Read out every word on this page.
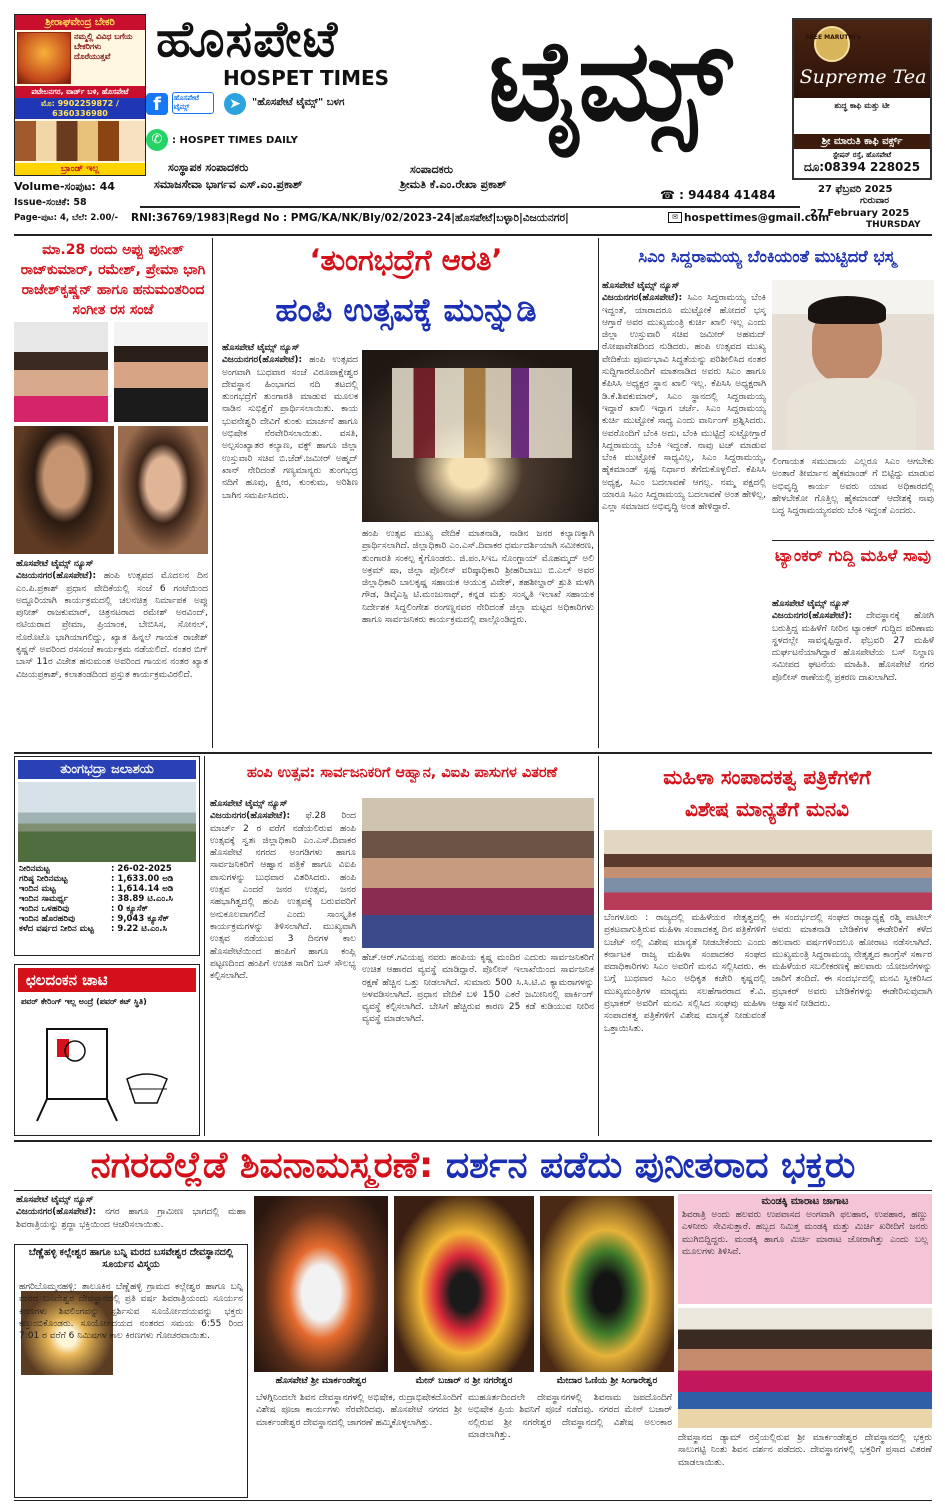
ಶ್ರೀರಾಘವೇಂದ್ರ ಬೇಕರಿ
ನಮ್ಮಲ್ಲಿ ವಿವಿಧ ಬಗೆಯ ಬೇಕರಿಗಳು
ದೊರೆಯುತ್ತವೆ
ಪಟೇಲನಗರ, ವಾರ್ಡ್ ಬಳಿ, ಹೊಸಪೇಟೆ
ಮೊ: 9902259872 / 6360336980
ಬ್ರಾಂಡ್ ಇಲ್ಲ
ಹೊಸಪೇಟೆ
HOSPET TIMES ಟೈಮ್ಸ್
f	ಹೊಸಪೇಟೆ ಟೈಮ್ಸ್	➤	"ಹೊಸಪೇಟೆ ಟೈಮ್ಸ್" ಬಳಗ
✆ : HOSPET TIMES DAILY
ಸಂಸ್ಥಾಪಕ ಸಂಪಾದಕರು
ಸಮಾಜಸೇವಾ ಭಾರ್ಗವ ಎಸ್.ಎಂ.ಪ್ರಕಾಶ್
ಸಂಪಾದಕರು
ಶ್ರೀಮತಿ ಕೆ.ಎಂ.ರೇಖಾ ಪ್ರಕಾಶ್
☎ : 94484 41484
Volume-ಸಂಪುಟ: 44
Issue-ಸಂಚಿಕೆ: 58
Page-ಪುಟ: 4, ಬೆಲೆ: 2.00/-
SREE MARUTHI's
Supreme Tea
ಶುದ್ಧ ಕಾಫಿ ಮತ್ತು ಟೀ
ಶ್ರೀ ಮಾರುತಿ ಕಾಫಿ ವರ್ಕ್ಸ್
ಸ್ಟೇಷನ್ ರಸ್ತೆ, ಹೊಸಪೇಟೆ
ದೂ:08394 228025
27 ಫೆಬ್ರವರಿ 2025
ಗುರುವಾರ
27 February 2025
THURSDAY
RNI:36769/1983|Regd No : PMG/KA/NK/Bly/02/2023-24|ಹೊಸಪೇಟೆ|ಬಳ್ಳಾರಿ|ವಿಜಯನಗರ|	✉ hospettimes@gmail.com
ಮಾ.28 ರಂದು ಅಪ್ಪು ಪುನೀತ್ ರಾಜ್‌ಕುಮಾರ್, ರಮೇಶ್, ಪ್ರೇಮಾ ಭಾಗಿ ರಾಜೇಶ್‌ಕೃಷ್ಣನ್ ಹಾಗೂ ಹನುಮಂತರಿಂದ ಸಂಗೀತ ರಸ ಸಂಜೆ
ಹೊಸಪೇಟೆ ಟೈಮ್ಸ್ ನ್ಯೂಸ್
ವಿಜಯನಗರ(ಹೊಸಪೇಟೆ): ಹಂಪಿ ಉತ್ಸವದ ಮೊದಲನ ದಿನ ಎಂ.ಪಿ.ಪ್ರಕಾಶ್ ಪ್ರಧಾನ ವೇದಿಕೆಯಲ್ಲಿ ಸಂಜೆ 6 ಗಂಟೆಯಿಂದ ಅದ್ದೂರಿಯಾಗಿ ಕಾರ್ಯಕ್ರಮದಲ್ಲಿ ಚಲನಚಿತ್ರ ನಿರ್ಮಾಪಕ ಅಪ್ಪು ಪುನೀತ್ ರಾಜಕುಮಾರ್, ಚಿತ್ರನಟರಾದ ರಮೇಶ್ ಅರವಿಂದ್, ನಟಿಯರಾದ ಪ್ರೇಮಾ, ಪ್ರಿಯಾಂಕ, ಬೇಬಿಸಿಸ, ಸೋನಲ್, ನೊರೊಟೊ ಭಾಗಿಯಾಗಲಿದ್ದು, ಖ್ಯಾತ ಹಿನ್ನಲೆ ಗಾಯಕ ರಾಜೇಶ್ ಕೃಷ್ಣನ್ ಅವರಿಂದ ರಸಸಂಜೆ ಕಾರ್ಯಕ್ರಮ ನಡೆಯಲಿದೆ. ನಂತರ ಬಿಗ್ ಬಾಸ್ 11ರ ವಿಜೇತ ಹನುಮಂತ ಅವರಿಂದ ಗಾಯನ ನಂತರ ಖ್ಯಾತ ವಿಜಯಪ್ರಕಾಶ್, ಕಲಾತಂಡದಿಂದ ಪ್ರಸ್ತುತ ಕಾರ್ಯಕ್ರಮವಿರಲಿದೆ.
‘ತುಂಗಭದ್ರೆಗೆ ಆರತಿ’
ಹಂಪಿ ಉತ್ಸವಕ್ಕೆ ಮುನ್ನುಡಿ
ಹೊಸಪೇಟೆ ಟೈಮ್ಸ್ ನ್ಯೂಸ್
ವಿಜಯನಗರ(ಹೊಸಪೇಟೆ): ಹಂಪಿ ಉತ್ಸವದ ಅಂಗವಾಗಿ ಬುಧವಾರ ಸಂಜೆ ವಿರೂಪಾಕ್ಷೇಶ್ವರ ದೇವಸ್ಥಾನ ಹಿಂಭಾಗದ ನದಿ ತಟದಲ್ಲಿ ತುಂಗಭದ್ರೆಗೆ ತುಂಗಾರತಿ ಮಾಡುವ ಮೂಲಕ ನಾಡಿನ ಸುಭಿಕ್ಷೆಗೆ ಪ್ರಾರ್ಥಿಸಲಾಯಿತು. ಕಾಯ ಭುವನೇಶ್ವರಿ ದೇವಿಗೆ ಕುಂಕು ಮಾರ್ಚನೆ ಹಾಗೂ ಅಭಿಷೇಕ ನೆರವೇರಿಸಲಾಯಿತು. ವಸತಿ, ಅಲ್ಪಸಂಖ್ಯಾತರ ಕಲ್ಯಾಣ, ವಕ್ಫ್ ಹಾಗೂ ಜಿಲ್ಲಾ ಉಸ್ತುವಾರಿ ಸಚಿವ ಬಿ.ಜೆಡ್.ಜಮೀರ್ ಅಹ್ಮದ್ ಖಾನ್ ನೇರಿದಂತೆ ಗಣ್ಯಮಾನ್ಯರು ತುಂಗಭದ್ರ ನದಿಗೆ ಹೂವು, ಕ್ಷೀರ, ಕುಂಕುಮ, ಅರಿಶಿಣ ಬಾಗಿನ ಸಮರ್ಪಿಸಿದರು.
ಹಂಪಿ ಉತ್ಸವ ಮುಖ್ಯ ವೇದಿಕೆ ಮಾತನಾಡಿ, ನಾಡಿನ ಜನರ ಕಲ್ಯಾಣಕ್ಕಾಗಿ ಪ್ರಾರ್ಥಿಸಲಾಗಿದೆ. ಜಿಲ್ಲಾಧಿಕಾರಿ ಎಂ.ಎಸ್.ದಿವಾಕರ ಧರ್ಮದರ್ಶಿಯಾಗಿ ಸಮೀಕರಣ, ತುಂಗಾರತಿ ಸಂಕಲ್ಪ ಕೈಗೊಂಡರು. ಜಿ.ಪಂ.ಸಿಇಒ ನೊಂಗ್ಜಾಯ್ ಮೊಹಮ್ಮದ್ ಅಲಿ ಅಕ್ರಮ್ ಷಾ, ಜಿಲ್ಲಾ ಪೊಲೀಸ್ ವರಿಷ್ಠಾಧಿಕಾರಿ ಶ್ರೀಹರಿಬಾಬು ಬಿ.ಎಲ್ ಅವರ ಜಿಲ್ಲಾಧಿಕಾರಿ ಬಾಲಕೃಷ್ಣ ಸಹಾಯಕ ಆಯುಕ್ತ ವಿವೇಕ್, ತಹಶೀಲ್ದಾರ್ ಶ್ರುತಿ ಮಳಗಿ ಗೌಡ, ಡಿವೈಎಸ್ಪಿ ಟಿ.ಮಂಜುನಾಥ್, ಕನ್ನಡ ಮತ್ತು ಸಂಸ್ಕೃತಿ ಇಲಾಖೆ ಸಹಾಯಕ ನಿರ್ದೇಶಕ ಸಿದ್ದಲಿಂಗೇಶ ರಂಗಣ್ಣನವರ ನೇರಿದಂತೆ ಜಿಲ್ಲಾ ಮಟ್ಟದ ಅಧಿಕಾರಿಗಳು ಹಾಗೂ ಸಾರ್ವಜನಿಕರು ಕಾರ್ಯಕ್ರಮದಲ್ಲಿ ಪಾಲ್ಗೊಂಡಿದ್ದರು.
ಸಿಎಂ ಸಿದ್ದರಾಮಯ್ಯ ಬೆಂಕಿಯಂತೆ ಮುಟ್ಟಿದರೆ ಭಸ್ಮ
ಹೊಸಪೇಟೆ ಟೈಮ್ಸ್ ನ್ಯೂಸ್
ವಿಜಯನಗರ(ಹೊಸಪೇಟೆ): ಸಿಎಂ ಸಿದ್ದರಾಮಯ್ಯ ಬೆಂಕಿ ಇದ್ದಂತೆ, ಯಾರಾದರೂ ಮುಟ್ಟೋಕೆ ಹೋದರೆ ಭಸ್ಮ ಆಗ್ತಾರೆ ಅವರ ಮುಖ್ಯಮಂತ್ರಿ ಕುರ್ಚಿ ಖಾಲಿ ಇಲ್ಲ ಎಂದು ಜಿಲ್ಲಾ ಉಸ್ತುವಾರಿ ಸಚಿವ ಜಮೀರ್ ಅಹಮದ್ ರೋಷಾವೇಶದಿಂದ ನುಡಿದರು. ಹಂಪಿ ಉತ್ಸವದ ಮುಖ್ಯ ವೇದಿಕೆಯ ಪೂರ್ವಭಾವಿ ಸಿದ್ಧತೆಯನ್ನು ಪರಿಶೀಲಿಸಿದ ನಂತರ ಸುದ್ದಿಗಾರರೊಂದಿಗೆ ಮಾತನಾಡಿದ ಅವರು ಸಿಎಂ ಹಾಗೂ ಕೆಪಿಸಿಸಿ ಅಧ್ಯಕ್ಷರ ಸ್ಥಾನ ಖಾಲಿ ಇಲ್ಲ. ಕೆಪಿಸಿಸಿ ಅಧ್ಯಕ್ಷರಾಗಿ ಡಿ.ಕೆ.ಶಿವಕುಮಾರ್, ಸಿಎಂ ಸ್ಥಾನದಲ್ಲಿ ಸಿದ್ದರಾಮಯ್ಯ ಇದ್ದಾರೆ ಖಾಲಿ ಇದ್ದಾಗ ಚರ್ಚೆ. ಸಿಎಂ ಸಿದ್ದರಾಮಯ್ಯ ಕುರ್ಚಿ ಮುಟ್ಟೋಕೆ ಸಾಧ್ಯ ಎಂದು ವಾರ್ನಿಂಗ್ ಪ್ರಶ್ನಿಸಿದರು. ಅವರೊಂದಿಗೆ ಬೆಂಕಿ ಅದು, ಬೆಂಕಿ ಮುಟ್ಟಿದ್ರೆ ಸುಟ್ಟೋಗ್ತಾರೆ ಸಿದ್ದರಾಮಯ್ಯ ಬೆಂಕಿ ಇದ್ದಂತೆ. ನಾವು ಟಚ್ ಮಾಡುವ ಬೆಂಕಿ ಮುಟ್ಟೋಕೆ ಸಾಧ್ಯವಿಲ್ಲ, ಸಿಎಂ ಸಿದ್ದರಾಮಯ್ಯ, ಹೈಕಮಾಂಡ್ ಸ್ಪಷ್ಟ ನಿರ್ಧಾರ ತೆಗೆದುಕೊಳ್ಳಲಿದೆ. ಕೆಪಿಸಿಸಿ ಅಧ್ಯಕ್ಷ, ಸಿಎಂ ಬದಲಾವಣೆ ಆಗಲ್ಲ. ನಮ್ಮ ಪಕ್ಷದಲ್ಲಿ ಯಾರೂ ಸಿಎಂ ಸಿದ್ದರಾಮಯ್ಯ ಬದಲಾವಣೆ ಅಂತ ಹೇಳಿಲ್ಲ, ಎಲ್ಲಾ ಸಮಾಜದ ಅಭಿವೃದ್ಧಿ ಅಂತ ಹೇಳಿದ್ದಾರೆ.
ಲಿಂಗಾಯತ ಸಮುದಾಯ ಎಲ್ಲರೂ ಸಿಎಂ ಆಗಬೇಕು ಅಂತಾರೆ ತೀರ್ಮಾನ ಹೈಕಮಾಂಡ್ ಗೆ ಬಿಟ್ಟಿದ್ದು ಮಾಡುವ ಅಭಿವೃದ್ಧಿ ಕಾರ್ಯ ಅವರು ಯಾವ ಅಧಿಕಾರದಲ್ಲಿ ಹೇಳಬೇಕೋ ಗೊತ್ತಿಲ್ಲ ಹೈಕಮಾಂಡ್ ಆದೇಶಕ್ಕೆ ನಾವು ಬದ್ಧ ಸಿದ್ದರಾಮಯ್ಯನವರು ಬೆಂಕಿ ಇದ್ದಂತೆ ಎಂದರು.
ಟ್ಯಾಂಕರ್ ಗುದ್ದಿ ಮಹಿಳೆ ಸಾವು
ಹೊಸಪೇಟೆ ಟೈಮ್ಸ್ ನ್ಯೂಸ್
ವಿಜಯನಗರ(ಹೊಸಪೇಟೆ): ದೇವಸ್ಥಾನಕ್ಕೆ ಹೋಗಿ ಬರುತ್ತಿದ್ದ ಮಹಿಳೆಗೆ ನೀರಿನ ಟ್ಯಾಂಕರ್ ಗುದ್ದಿದ ಪರಿಣಾಮ ಸ್ಥಳದಲ್ಲೇ ಸಾವನ್ನಪ್ಪಿದ್ದಾರೆ. ಫೆಬ್ರವರಿ 27 ಮಹಿಳೆ ದುರ್ಘಟನೆಯಾಗಿದ್ದಾರೆ ಹೊಸಪೇಟೆಯ ಬಸ್ ನಿಲ್ದಾಣ ಸಮೀಪದ ಘಟನೆಯ ಮಾಹಿತಿ. ಹೊಸಪೇಟೆ ನಗರ ಪೊಲೀಸ್ ಠಾಣೆಯಲ್ಲಿ ಪ್ರಕರಣ ದಾಖಲಾಗಿದೆ.
ತುಂಗಭದ್ರಾ ಜಲಾಶಯ
ನೀರಿನಮಟ್ಟ	: 26-02-2025
ಗರಿಷ್ಠ ನೀರಿನಮಟ್ಟ	: 1,633.00 ಅಡಿ
ಇಂದಿನ ಮಟ್ಟ	: 1,614.14 ಅಡಿ
ಇಂದಿನ ಸಾಮರ್ಥ್ಯ	: 38.89 ಟಿ.ಎಂ.ಸಿ
ಇಂದಿನ ಒಳಹರಿವು	: 0 ಕ್ಯೂಸೆಕ್
ಇಂದಿನ ಹೊರಹರಿವು	: 9,043 ಕ್ಯೂಸೆಕ್
ಕಳೆದ ವರ್ಷದ ನೀರಿನ ಮಟ್ಟ	: 9.22 ಟಿ.ಎಂ.ಸಿ
ಛಲದಂಕನ ಚಾಟಿ
ಪವರ್ ಕೇರಿಂಗ್ ಇಲ್ಲ ಅಂದ್ರೆ (ಪವರ್ ಕಟ್ ಸ್ಥಿತಿ)
ಹಂಪಿ ಉತ್ಸವ: ಸಾರ್ವಜನಿಕರಿಗೆ ಆಹ್ವಾನ, ವಿಐಪಿ ಪಾಸುಗಳ ವಿತರಣೆ
ಹೊಸಪೇಟೆ ಟೈಮ್ಸ್ ನ್ಯೂಸ್
ವಿಜಯನಗರ(ಹೊಸಪೇಟೆ): ಫೆ.28 ರಿಂದ ಮಾರ್ಚ್ 2 ರ ವರೆಗೆ ನಡೆಯಲಿರುವ ಹಂಪಿ ಉತ್ಸವಕ್ಕೆ ಸ್ವತಃ ಜಿಲ್ಲಾಧಿಕಾರಿ ಎಂ.ಎಸ್.ದಿವಾಕರ ಹೊಸಪೇಟೆ ನಗರದ ಅಂಗಡಿಗಳು ಹಾಗೂ ಸಾರ್ವಜನಿಕರಿಗೆ ಆಹ್ವಾನ ಪತ್ರಿಕೆ ಹಾಗೂ ವಿಐಪಿ ಪಾಸುಗಳನ್ನು ಬುಧವಾರ ವಿತರಿಸಿದರು. ಹಂಪಿ ಉತ್ಸವ ಎಂದರೆ ಜನರ ಉತ್ಸವ, ಜನರ ಸಹಭಾಗಿತ್ವದಲ್ಲಿ ಹಂಪಿ ಉತ್ಸವಕ್ಕೆ ಬರುವವರಿಗೆ ಅನುಕೂಲವಾಗಲಿದೆ ಎಂದು ಸಾಂಸ್ಕೃತಿಕ ಕಾರ್ಯಕ್ರಮಗಳನ್ನು ತಿಳಿಸಲಾಗಿದೆ. ಮುಖ್ಯವಾಗಿ ಉತ್ಸವ ನಡೆಯುವ 3 ದಿನಗಳ ಕಾಲ ಹೊಸಪೇಟೆಯಿಂದ ಹಂಪಿಗೆ ಹಾಗೂ ಕಂಪ್ಲಿ ಪಟ್ಟಣದಿಂದ ಹಂಪಿಗೆ ಉಚಿತ ಸಾರಿಗೆ ಬಸ್ ಸೌಲಭ್ಯ ಕಲ್ಪಿಸಲಾಗಿದೆ.
ಹೆಚ್.ಆರ್.ಗವಿಯಪ್ಪ ನವರು ಹಂಪಿಯ ಕೃಷ್ಣ ಮಂದಿರ ಎದುರು ಸಾರ್ವಜನಿಕರಿಗೆ ಉಚಿತ ಆಹಾರದ ವ್ಯವಸ್ಥೆ ಮಾಡಿದ್ದಾರೆ. ಪೊಲೀಸ್ ಇಲಾಖೆಯಿಂದ ಸಾರ್ವಜನಿಕ ರಕ್ಷಣೆ ಹೆಚ್ಚಿನ ಒತ್ತು ನೀಡಲಾಗಿದೆ. ಸುಮಾರು 500 ಸಿ.ಸಿ.ಟಿ.ವಿ ಕ್ಯಾಮರಾಗಳನ್ನು ಅಳವಡಿಸಲಾಗಿದೆ. ಪ್ರಧಾನ ವೇದಿಕೆ ಬಳಿ 150 ಎಕರೆ ಜಮೀನಿನಲ್ಲಿ ಪಾರ್ಕಿಂಗ್ ವ್ಯವಸ್ಥೆ ಕಲ್ಪಿಸಲಾಗಿದೆ. ಬೇಸಿಗೆ ಹೆಚ್ಚಿರುವ ಕಾರಣ 25 ಕಡೆ ಕುಡಿಯುವ ನೀರಿನ ವ್ಯವಸ್ಥೆ ಮಾಡಲಾಗಿದೆ.
ಮಹಿಳಾ ಸಂಪಾದಕತ್ವ ಪತ್ರಿಕೆಗಳಿಗೆ
ವಿಶೇಷ ಮಾನ್ಯತೆಗೆ ಮನವಿ
ಬೆಂಗಳೂರು : ರಾಜ್ಯದಲ್ಲಿ ಮಹಿಳೆಯರ ನೇತೃತ್ವದಲ್ಲಿ ಪ್ರಕಟವಾಗುತ್ತಿರುವ ಮಹಿಳಾ ಸಂಪಾದಕತ್ವ ದಿನ ಪತ್ರಿಕೆಗಳಿಗೆ ಬಜೆಟ್ ನಲ್ಲಿ ವಿಶೇಷ ಮಾನ್ಯತೆ ನೀಡಬೇಕೆಂದು ಎಂದು ಕರ್ನಾಟಕ ರಾಜ್ಯ ಮಹಿಳಾ ಸಂಪಾದಕರ ಸಂಘದ ಪದಾಧಿಕಾರಿಗಳು ಸಿಎಂ ಅವರಿಗೆ ಮನವಿ ಸಲ್ಲಿಸಿದರು. ಈ ಬಗ್ಗೆ ಬುಧವಾರ ಸಿಎಂ ಅಧಿಕೃತ ಕಚೇರಿ ಕೃಷ್ಣದಲ್ಲಿ ಮುಖ್ಯಮಂತ್ರಿಗಳ ಮಾಧ್ಯಮ ಸಲಹೆಗಾರರಾದ ಕೆ.ವಿ. ಪ್ರಭಾಕರ್ ಅವರಿಗೆ ಮನವಿ ಸಲ್ಲಿಸಿದ ಸಂಘವು ಮಹಿಳಾ ಸಂಪಾದಕತ್ವ ಪತ್ರಿಕೆಗಳಿಗೆ ವಿಶೇಷ ಮಾನ್ಯತೆ ನೀಡುವಂತೆ ಒತ್ತಾಯಿಸಿತು.
ಈ ಸಂದರ್ಭದಲ್ಲಿ ಸಂಘದ ರಾಜ್ಯಾಧ್ಯಕ್ಷೆ ರಶ್ಮಿ ಪಾಟೀಲ್ ಅವರು ಮಾತನಾಡಿ ಬೇಡಿಕೆಗಳ ಈಡೇರಿಕೆಗೆ ಕಳೆದ ಹಲವಾರು ವರ್ಷಗಳಿಂದಲೂ ಹೋರಾಟ ನಡೆಸಲಾಗಿದೆ. ಮುಖ್ಯಮಂತ್ರಿ ಸಿದ್ದರಾಮಯ್ಯ ನೇತೃತ್ವದ ಕಾಂಗ್ರೆಸ್ ಸರ್ಕಾರ ಮಹಿಳೆಯರ ಸಬಲೀಕರಣಕ್ಕೆ ಹಲವಾರು ಯೋಜನೆಗಳನ್ನು ಜಾರಿಗೆ ತಂದಿದೆ. ಈ ಸಂದರ್ಭದಲ್ಲಿ ಮನವಿ ಸ್ವೀಕರಿಸಿದ ಪ್ರಭಾಕರ್ ಅವರು ಬೇಡಿಕೆಗಳನ್ನು ಈಡೇರಿಸುವುದಾಗಿ ಆಶ್ವಾಸನೆ ನೀಡಿದರು.
ನಗರದೆಲ್ಲೆಡೆ ಶಿವನಾಮಸ್ಮರಣೆ: ದರ್ಶನ ಪಡೆದು ಪುನೀತರಾದ ಭಕ್ತರು
ಹೊಸಪೇಟೆ ಟೈಮ್ಸ್ ನ್ಯೂಸ್
ವಿಜಯನಗರ(ಹೊಸಪೇಟೆ): ನಗರ ಹಾಗೂ ಗ್ರಾಮೀಣ ಭಾಗದಲ್ಲಿ ಮಹಾ ಶಿವರಾತ್ರಿಯನ್ನು ಶ್ರದ್ಧಾ ಭಕ್ತಿಯಿಂದ ಆಚರಿಸಲಾಯಿತು.
ಬೆಣ್ಣೆಹಳ್ಳಿ ಕಲ್ಲೇಶ್ವರ ಹಾಗೂ ಬನ್ನಿ ಮರದ ಬಸವೇಶ್ವರ ದೇವಸ್ಥಾನದಲ್ಲಿ ಸೂರ್ಯನ ವಿಸ್ಮಯ
ಹಗರಿಬೊಮ್ಮನಹಳ್ಳಿ: ತಾಲೂಕಿನ ಬೆಣ್ಣೆಹಳ್ಳಿ ಗ್ರಾಮದ ಕಲ್ಲೇಶ್ವರ ಹಾಗೂ ಬನ್ನಿ ಮರದ ಬಸವೇಶ್ವರ ದೇವಸ್ಥಾನದಲ್ಲಿ ಪ್ರತಿ ವರ್ಷ ಶಿವರಾತ್ರಿಯಂದು ಸೂರ್ಯನ ಕಿರಣಗಳು ಶಿವಲಿಂಗವನ್ನು ಸ್ಪರ್ಶಿಸುವ ಸೂರ್ಯೋದಯವನ್ನು ಭಕ್ತರು ಕಣ್ತುಂಬಿಕೊಂಡರು. ಸೂರ್ಯೋದಯದ ನಂತರದ ಸಮಯ 6:55 ರಿಂದ 7:01 ರ ವರೆಗೆ 6 ನಿಮಿಷಗಳ ಕಾಲ ಕಿರಣಗಳು ಗೋಚರವಾಯಿತು.
ಹೊಸಪೇಟೆ ಶ್ರೀ ಮಾರ್ಕಂಡೇಶ್ವರ	ಮೇನ್ ಬಜಾರ್ ನ ಶ್ರೀ ನಗರೇಶ್ವರ	ಮೇದಾರ ಓಣಿಯ ಶ್ರೀ ಸಿಂಗಾರೇಶ್ವರ
ಬೆಳಗ್ಗಿನಿಂದಲೇ ಶಿವನ ದೇವಸ್ಥಾನಗಳಲ್ಲಿ ಅಭಿಷೇಕ, ರುದ್ರಾಭಿಷೇಕದೊಂದಿಗೆ ವಿಶೇಷ ಪೂಜಾ ಕಾರ್ಯಗಳು ನೆರವೇರಿದವು. ಹೊಸಪೇಟೆ ನಗರದ ಶ್ರೀ ಮಾರ್ಕಂಡೇಶ್ವರ ದೇವಸ್ಥಾನದಲ್ಲಿ ಜಾಗರಣೆ ಹಮ್ಮಿಕೊಳ್ಳಲಾಗಿತ್ತು.
ಮುಹೂರ್ತದಿಂದಲೇ ದೇವಸ್ಥಾನಗಳಲ್ಲಿ ಶಿವನಾಮ ಜಪದೊಂದಿಗೆ ಅಭಿಷೇಕ ಪ್ರಿಯ ಶಿವನಿಗೆ ಪೂಜೆ ನಡೆದವು. ನಗರದ ಮೇನ್ ಬಜಾರ್ ನಲ್ಲಿರುವ ಶ್ರೀ ನಗರೇಶ್ವರ ದೇವಸ್ಥಾನದಲ್ಲಿ ವಿಶೇಷ ಅಲಂಕಾರ ಮಾಡಲಾಗಿತ್ತು.
ಮಂಡಕ್ಕಿ ಮಾರಾಟ ಜಾಗಾಟ
ಶಿವರಾತ್ರಿ ಅಂದು ಹಲವರು ಉಪವಾಸದ ಅಂಗವಾಗಿ ಫಲಹಾರ, ಉಪಹಾರ, ಹಣ್ಣು ಎಳನೀರು ಸೇವಿಸುತ್ತಾರೆ. ಹಬ್ಬದ ನಿಮಿತ್ತ ಮಂಡಕ್ಕಿ ಮತ್ತು ಮಿರ್ಚಿ ಖರೀದಿಗೆ ಜನರು ಮುಗಿಬಿದ್ದಿದ್ದರು. ಮಂಡಕ್ಕಿ ಹಾಗೂ ಮಿರ್ಚಿ ಮಾರಾಟ ಜೋರಾಗಿತ್ತು ಎಂದು ಬಲ್ಲ ಮೂಲಗಳು ತಿಳಿಸಿವೆ.
ದೇವಸ್ಥಾನದ ಡ್ಯಾಮ್ ರಸ್ತೆಯಲ್ಲಿರುವ ಶ್ರೀ ಮಾರ್ಕಂಡೇಶ್ವರ ದೇವಸ್ಥಾನದಲ್ಲಿ ಭಕ್ತರು ಸಾಲುಗಟ್ಟಿ ನಿಂತು ಶಿವನ ದರ್ಶನ ಪಡೆದರು. ದೇವಸ್ಥಾನಗಳಲ್ಲಿ ಭಕ್ತರಿಗೆ ಪ್ರಸಾದ ವಿತರಣೆ ಮಾಡಲಾಯಿತು.
